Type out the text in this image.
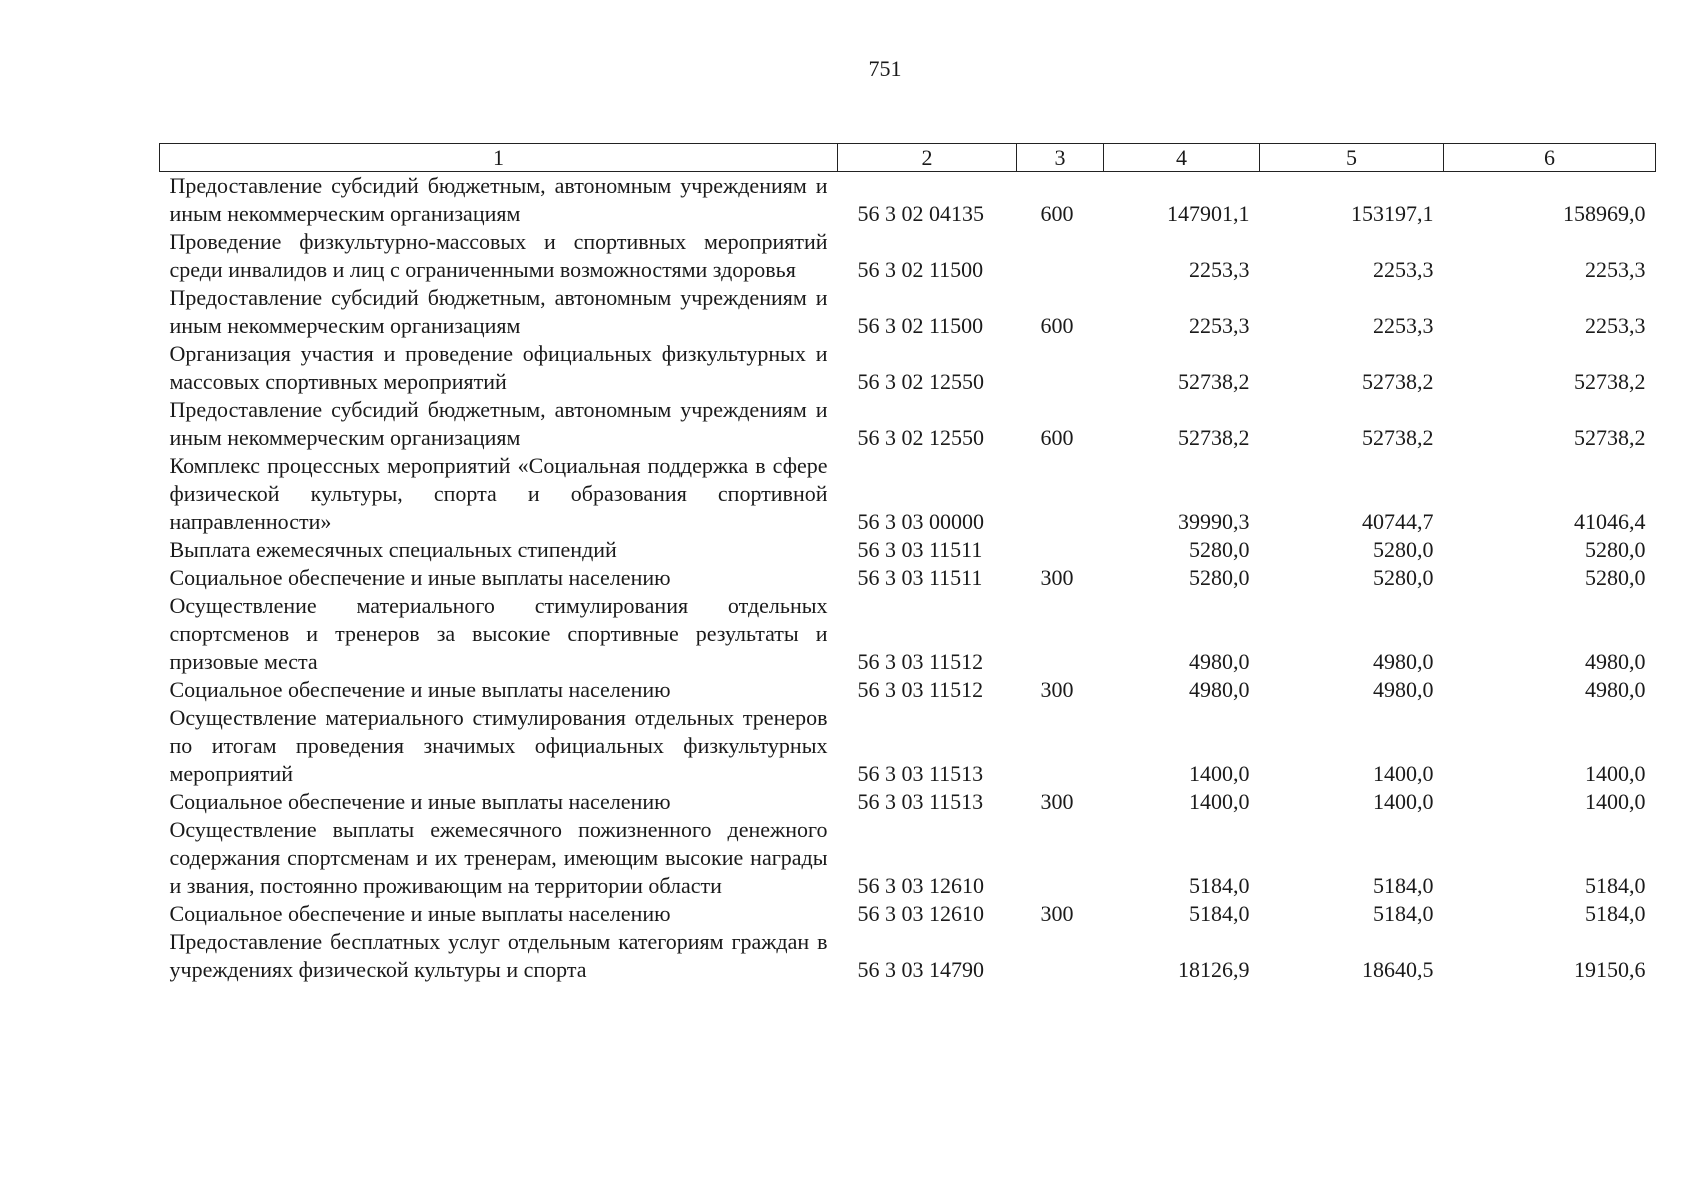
751
1	2	3	4	5	6
Предоставление субсидий бюджетным, автономным учреждениям и иным некоммерческим организациям	56 3 02 04135	600	147901,1	153197,1	158969,0
Проведение физкультурно-массовых и спортивных мероприятий среди инвалидов и лиц с ограниченными возможностями здоровья	56 3 02 11500		2253,3	2253,3	2253,3
Предоставление субсидий бюджетным, автономным учреждениям и иным некоммерческим организациям	56 3 02 11500	600	2253,3	2253,3	2253,3
Организация участия и проведение официальных физкультурных и массовых спортивных мероприятий	56 3 02 12550		52738,2	52738,2	52738,2
Предоставление субсидий бюджетным, автономным учреждениям и иным некоммерческим организациям	56 3 02 12550	600	52738,2	52738,2	52738,2
Комплекс процессных мероприятий «Социальная поддержка в сфере физической культуры, спорта и образования спортивной направленности»	56 3 03 00000		39990,3	40744,7	41046,4
Выплата ежемесячных специальных стипендий	56 3 03 11511		5280,0	5280,0	5280,0
Социальное обеспечение и иные выплаты населению	56 3 03 11511	300	5280,0	5280,0	5280,0
Осуществление материального стимулирования отдельных спортсменов и тренеров за высокие спортивные результаты и призовые места	56 3 03 11512		4980,0	4980,0	4980,0
Социальное обеспечение и иные выплаты населению	56 3 03 11512	300	4980,0	4980,0	4980,0
Осуществление материального стимулирования отдельных тренеров по итогам проведения значимых официальных физкультурных мероприятий	56 3 03 11513		1400,0	1400,0	1400,0
Социальное обеспечение и иные выплаты населению	56 3 03 11513	300	1400,0	1400,0	1400,0
Осуществление выплаты ежемесячного пожизненного денежного содержания спортсменам и их тренерам, имеющим высокие награды и звания, постоянно проживающим на территории области	56 3 03 12610		5184,0	5184,0	5184,0
Социальное обеспечение и иные выплаты населению	56 3 03 12610	300	5184,0	5184,0	5184,0
Предоставление бесплатных услуг отдельным категориям граждан в учреждениях физической культуры и спорта	56 3 03 14790		18126,9	18640,5	19150,6
